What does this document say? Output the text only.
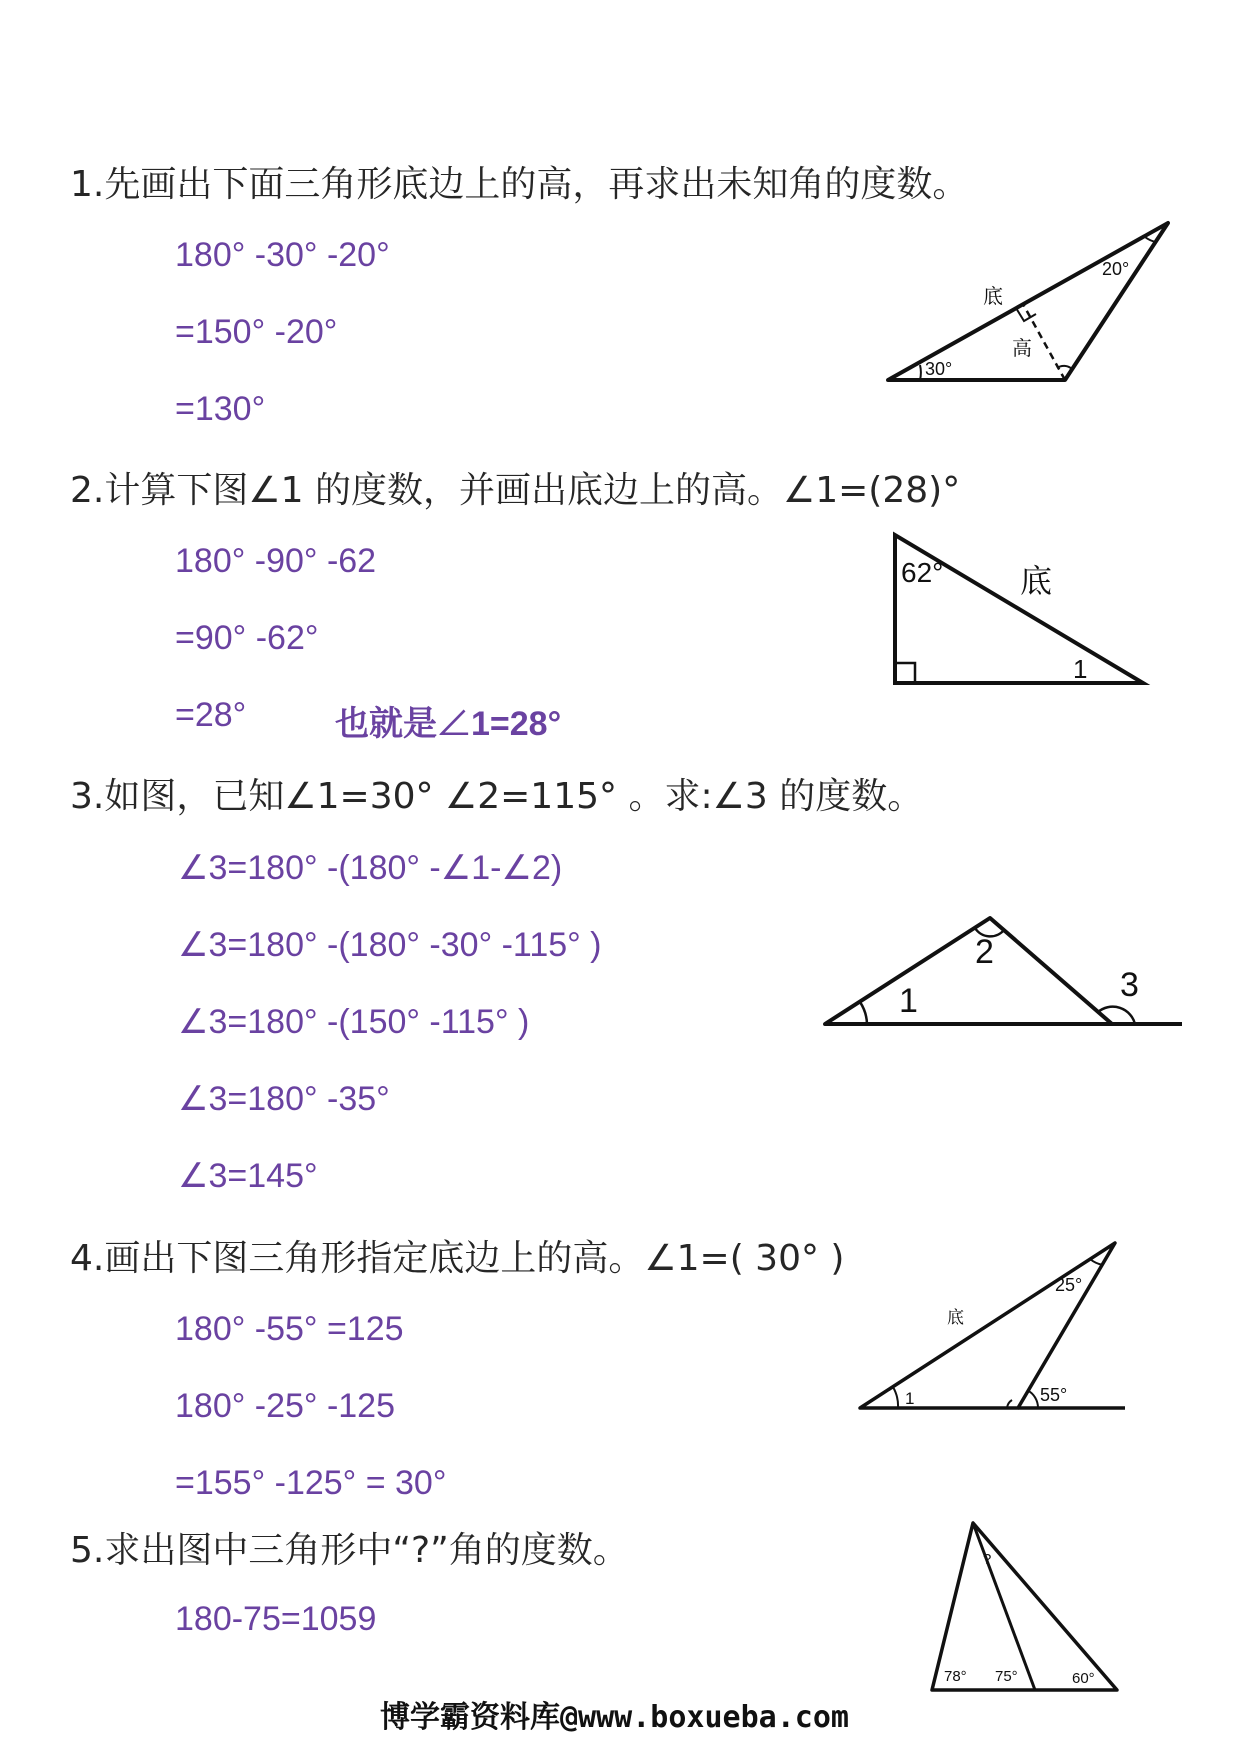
1.先画出下面三角形底边上的高，再求出未知角的度数。
180° -30° -20°
=150° -20°
=130°
30°
20°
底
高
2.计算下图∠1 的度数，并画出底边上的高。∠1=(28)°
180° -90° -62
=90° -62°
=28°	也就是∠1=28°
62° 底
1
3.如图，已知∠1=30° ∠2=115° 。求:∠3 的度数。
∠3=180° -(180° -∠1-∠2)
∠3=180° -(180° -30° -115° )
∠3=180° -(150° -115° )
∠3=180° -35°
∠3=145°
1
2
3
4.画出下图三角形指定底边上的高。∠1=( 30° )
180° -55° =125
180° -25° -125
=155° -125° = 30°
1
25°
55°
底
5.求出图中三角形中“?”角的度数。
180-75=1059
?
78° 75°	60°
博学霸资料库@www.boxueba.com
